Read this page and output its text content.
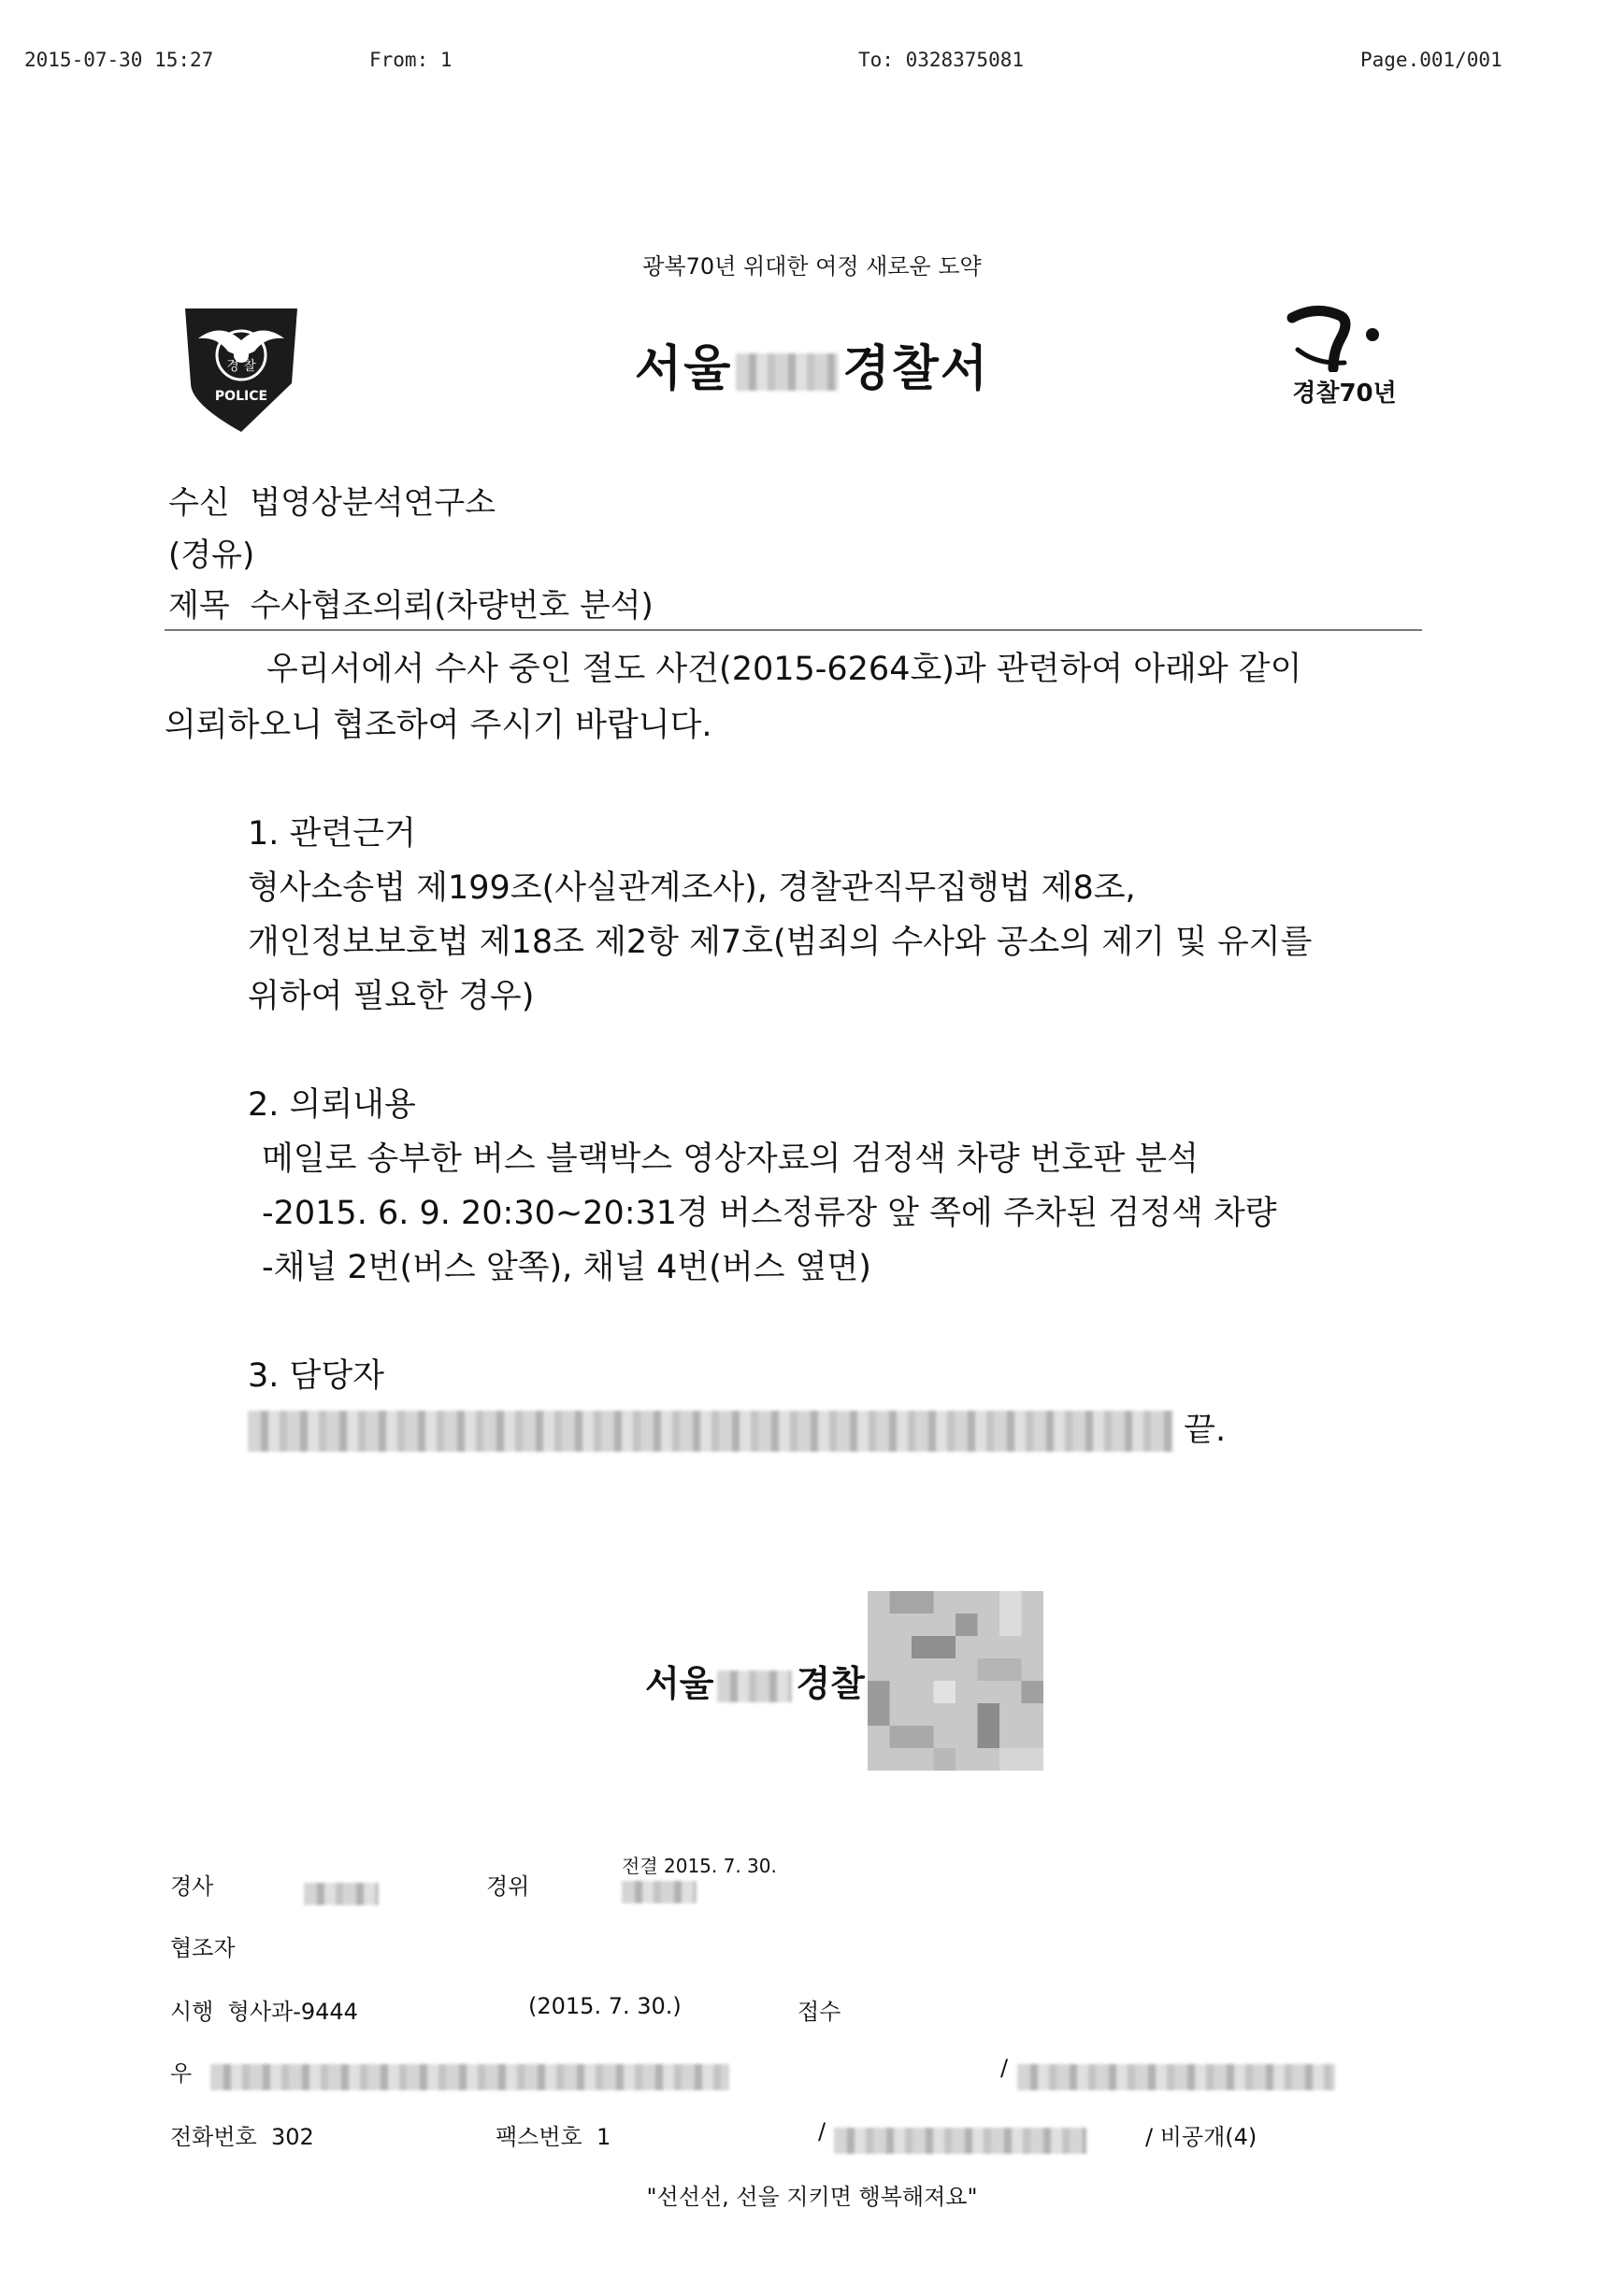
2015-07-30 15:27	From: 1	To: 0328375081	Page.001/001
광복70년 위대한 여정 새로운 도약
경 찰
POLICE	서울 경찰서	경찰70년
수신 법영상분석연구소
(경유)
제목 수사협조의뢰(차량번호 분석)
우리서에서 수사 중인 절도 사건(2015-6264호)과 관련하여 아래와 같이
의뢰하오니 협조하여 주시기 바랍니다.
1. 관련근거
형사소송법 제199조(사실관계조사), 경찰관직무집행법 제8조,
개인정보보호법 제18조 제2항 제7호(범죄의 수사와 공소의 제기 및 유지를
위하여 필요한 경우)
2. 의뢰내용
메일로 송부한 버스 블랙박스 영상자료의 검정색 차량 번호판 분석
-2015. 6. 9. 20:30~20:31경 버스정류장 앞 쪽에 주차된 검정색 차량
-채널 2번(버스 앞쪽), 채널 4번(버스 옆면)
3. 담당자
끝.
서울 경찰
경사	경위
전결 2015. 7. 30.
협조자
시행 형사과-9444	(2015. 7. 30.)	접수
우	/
전화번호 302	팩스번호 1	/	/ 비공개(4)
"선선선, 선을 지키면 행복해져요"
